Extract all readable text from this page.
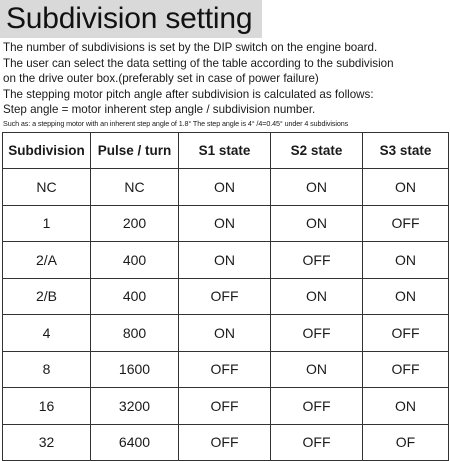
Subdivision setting
The number of subdivisions is set by the DIP switch on the engine board.
The user can select the data setting of the table according to the subdivision
on the drive outer box.(preferably set in case of power failure)
The stepping motor pitch angle after subdivision is calculated as follows:
Step angle = motor inherent step angle / subdivision number.
Such as: a stepping motor with an inherent step angle of 1.8° The step angle is 4° /4=0.45° under 4 subdivisions
Subdivision	Pulse / turn	S1 state	S2 state	S3 state
NC	NC	ON	ON	ON
1	200	ON	ON	OFF
2/A	400	ON	OFF	ON
2/B	400	OFF	ON	ON
4	800	ON	OFF	OFF
8	1600	OFF	ON	OFF
16	3200	OFF	OFF	ON
32	6400	OFF	OFF	OF
